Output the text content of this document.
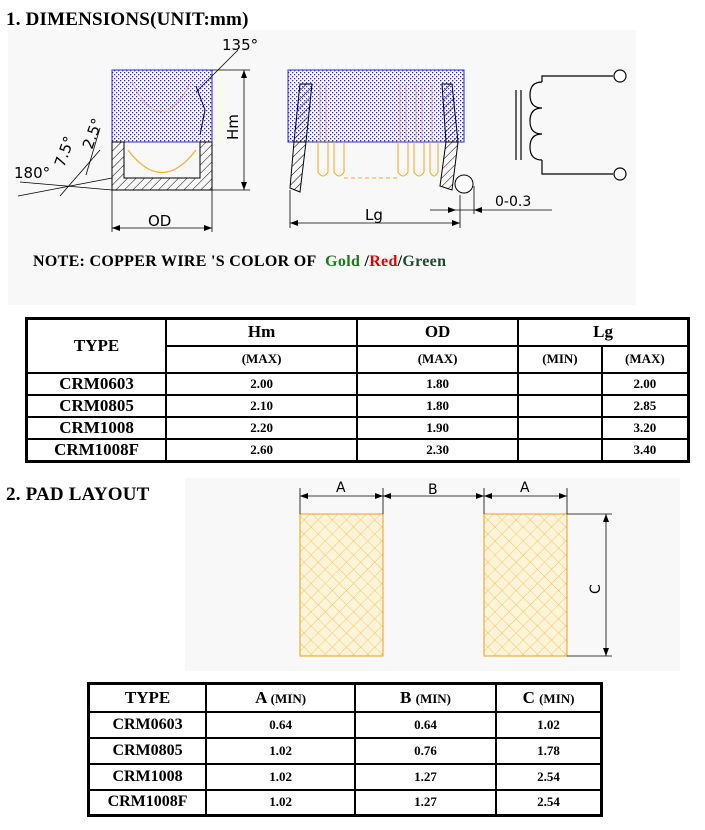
1. DIMENSIONS(UNIT:mm)
135°
180°
7.5°
2.5°	Hm
OD	Lg
0-0.3
NOTE: COPPER WIRE 'S COLOR OF Gold /Red/Green
TYPE	Hm	OD	Lg	
	(MAX)	(MAX)	(MIN)	(MAX)
CRM0603	2.00	1.80		2.00
CRM0805	2.10	1.80		2.85
CRM1008	2.20	1.90		3.20
CRM1008F	2.60	2.30		3.40
2. PAD LAYOUT	A	B	A
C
TYPE	A (MIN)	B (MIN)	C (MIN)
CRM0603	0.64	0.64	1.02
CRM0805	1.02	0.76	1.78
CRM1008	1.02	1.27	2.54
CRM1008F	1.02	1.27	2.54
